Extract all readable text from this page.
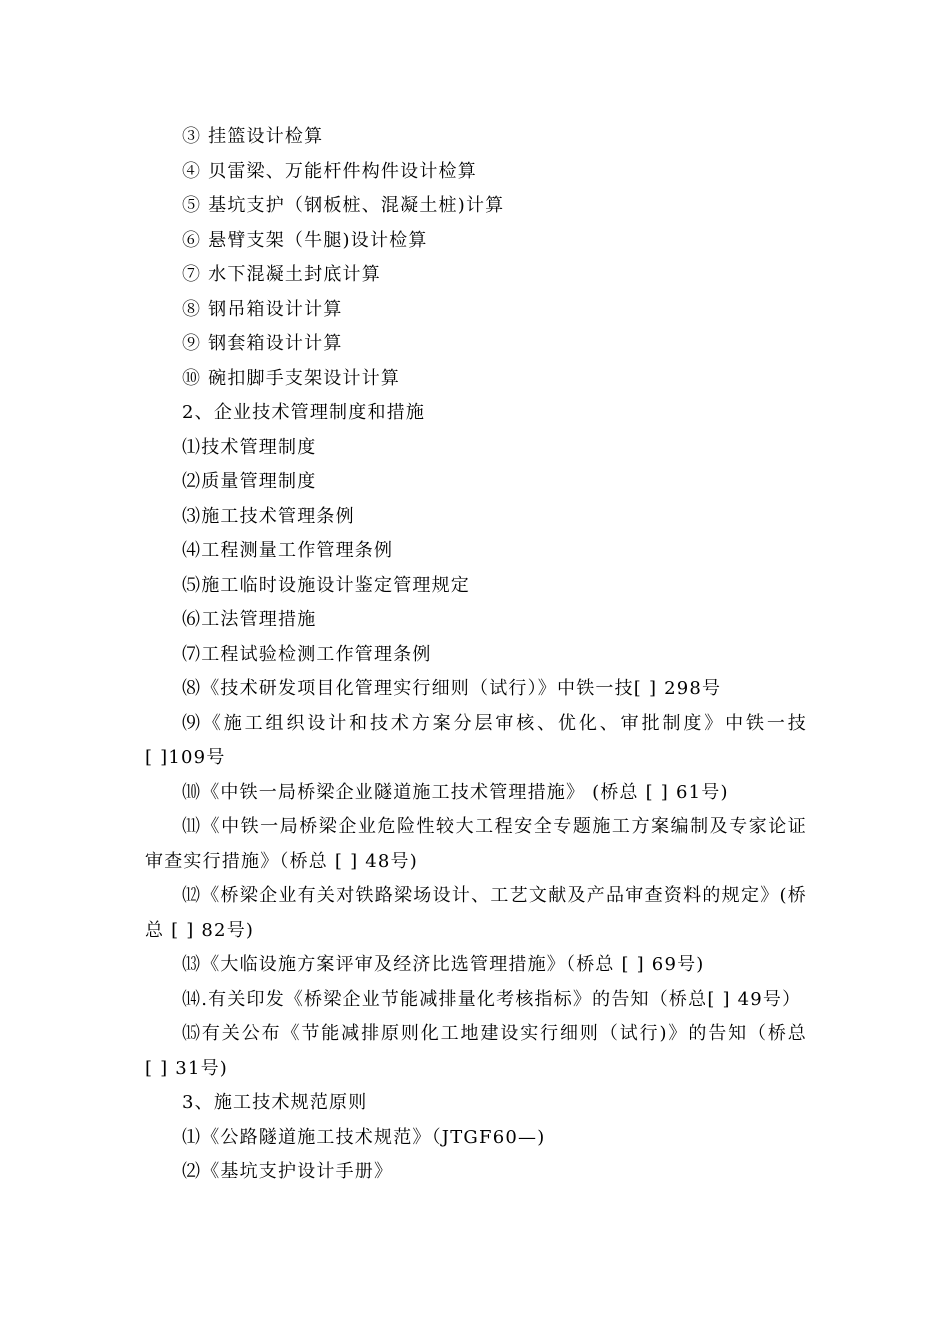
③ 挂篮设计检算
④ 贝雷梁、万能杆件构件设计检算
⑤ 基坑支护（钢板桩、混凝土桩)计算
⑥ 悬臂支架（牛腿)设计检算
⑦ 水下混凝土封底计算
⑧ 钢吊箱设计计算
⑨ 钢套箱设计计算
⑩ 碗扣脚手支架设计计算
2、企业技术管理制度和措施
⑴技术管理制度
⑵质量管理制度
⑶施工技术管理条例
⑷工程测量工作管理条例
⑸施工临时设施设计鉴定管理规定
⑹工法管理措施
⑺工程试验检测工作管理条例
⑻《技术研发项目化管理实行细则（试行）》中铁一技[ ] 298号
⑼《施工组织设计和技术方案分层审核、优化、审批制度》中铁一技
[ ]109号
⑽《中铁一局桥梁企业隧道施工技术管理措施》 (桥总 [ ] 61号)
⑾《中铁一局桥梁企业危险性较大工程安全专题施工方案编制及专家论证
审查实行措施》（桥总 [ ] 48号)
⑿《桥梁企业有关对铁路梁场设计、工艺文献及产品审查资料的规定》(桥
总 [ ] 82号)
⒀《大临设施方案评审及经济比选管理措施》（桥总 [ ] 69号)
⒁.有关印发《桥梁企业节能减排量化考核指标》的告知（桥总[ ] 49号）
⒂有关公布《节能减排原则化工地建设实行细则（试行)》的告知（桥总
[ ] 31号)
3、施工技术规范原则
⑴《公路隧道施工技术规范》（JTGF60—)
⑵《基坑支护设计手册》
